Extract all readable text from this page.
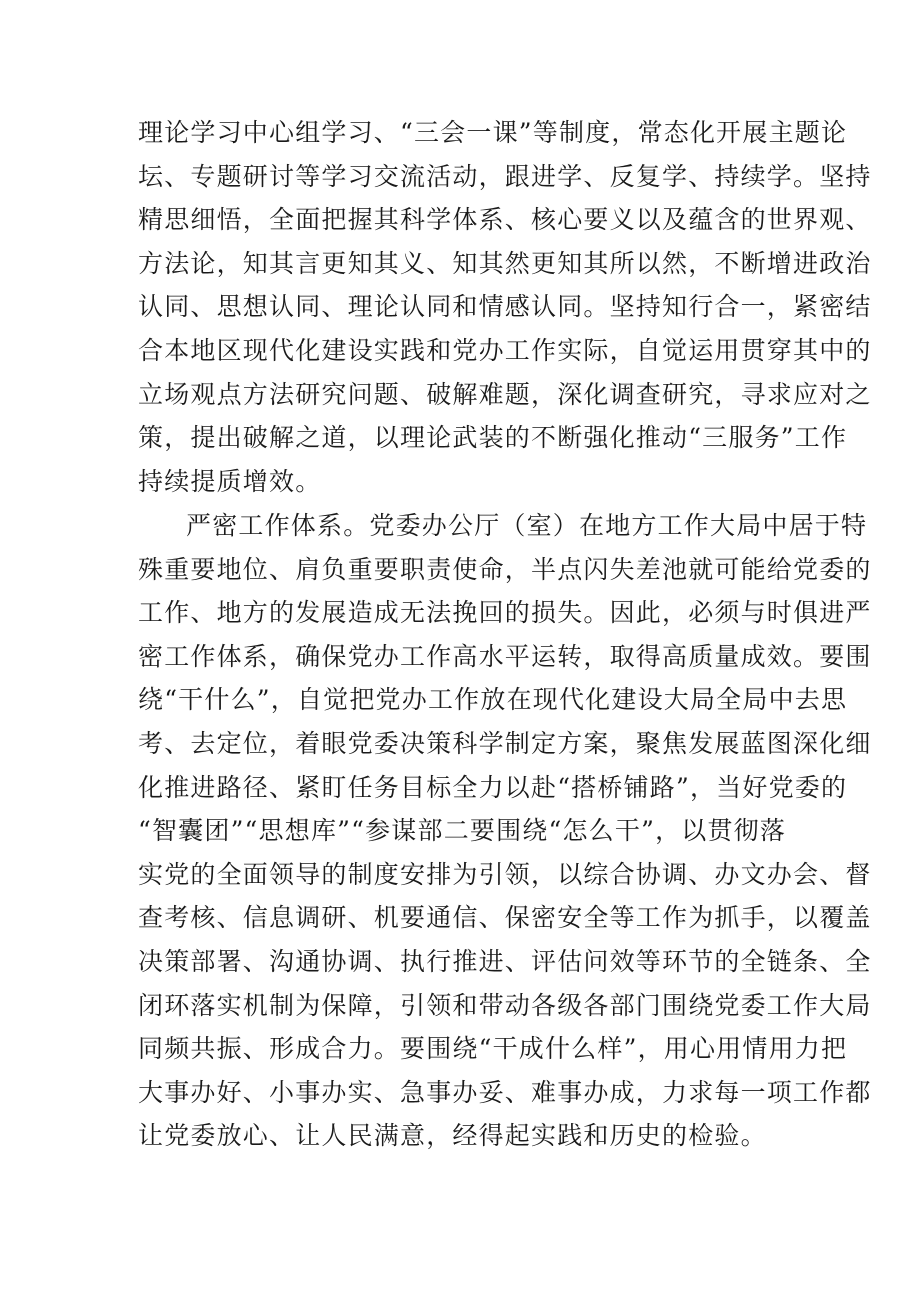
理论学习中心组学习、“三会一课”等制度，常态化开展主题论
坛、专题研讨等学习交流活动，跟进学、反复学、持续学。坚持
精思细悟，全面把握其科学体系、核心要义以及蕴含的世界观、
方法论，知其言更知其义、知其然更知其所以然，不断增进政治
认同、思想认同、理论认同和情感认同。坚持知行合一，紧密结
合本地区现代化建设实践和党办工作实际，自觉运用贯穿其中的
立场观点方法研究问题、破解难题，深化调查研究，寻求应对之
策，提出破解之道，以理论武装的不断强化推动“三服务”工作
持续提质增效。
严密工作体系。党委办公厅（室）在地方工作大局中居于特
殊重要地位、肩负重要职责使命，半点闪失差池就可能给党委的
工作、地方的发展造成无法挽回的损失。因此，必须与时俱进严
密工作体系，确保党办工作高水平运转，取得高质量成效。要围
绕“干什么”，自觉把党办工作放在现代化建设大局全局中去思
考、去定位，着眼党委决策科学制定方案，聚焦发展蓝图深化细
化推进路径、紧盯任务目标全力以赴“搭桥铺路”，当好党委的
“智囊团”“思想库”“参谋部二要围绕“怎么干”，以贯彻落
实党的全面领导的制度安排为引领，以综合协调、办文办会、督
查考核、信息调研、机要通信、保密安全等工作为抓手，以覆盖
决策部署、沟通协调、执行推进、评估问效等环节的全链条、全
闭环落实机制为保障，引领和带动各级各部门围绕党委工作大局
同频共振、形成合力。要围绕“干成什么样”，用心用情用力把
大事办好、小事办实、急事办妥、难事办成，力求每一项工作都
让党委放心、让人民满意，经得起实践和历史的检验。
